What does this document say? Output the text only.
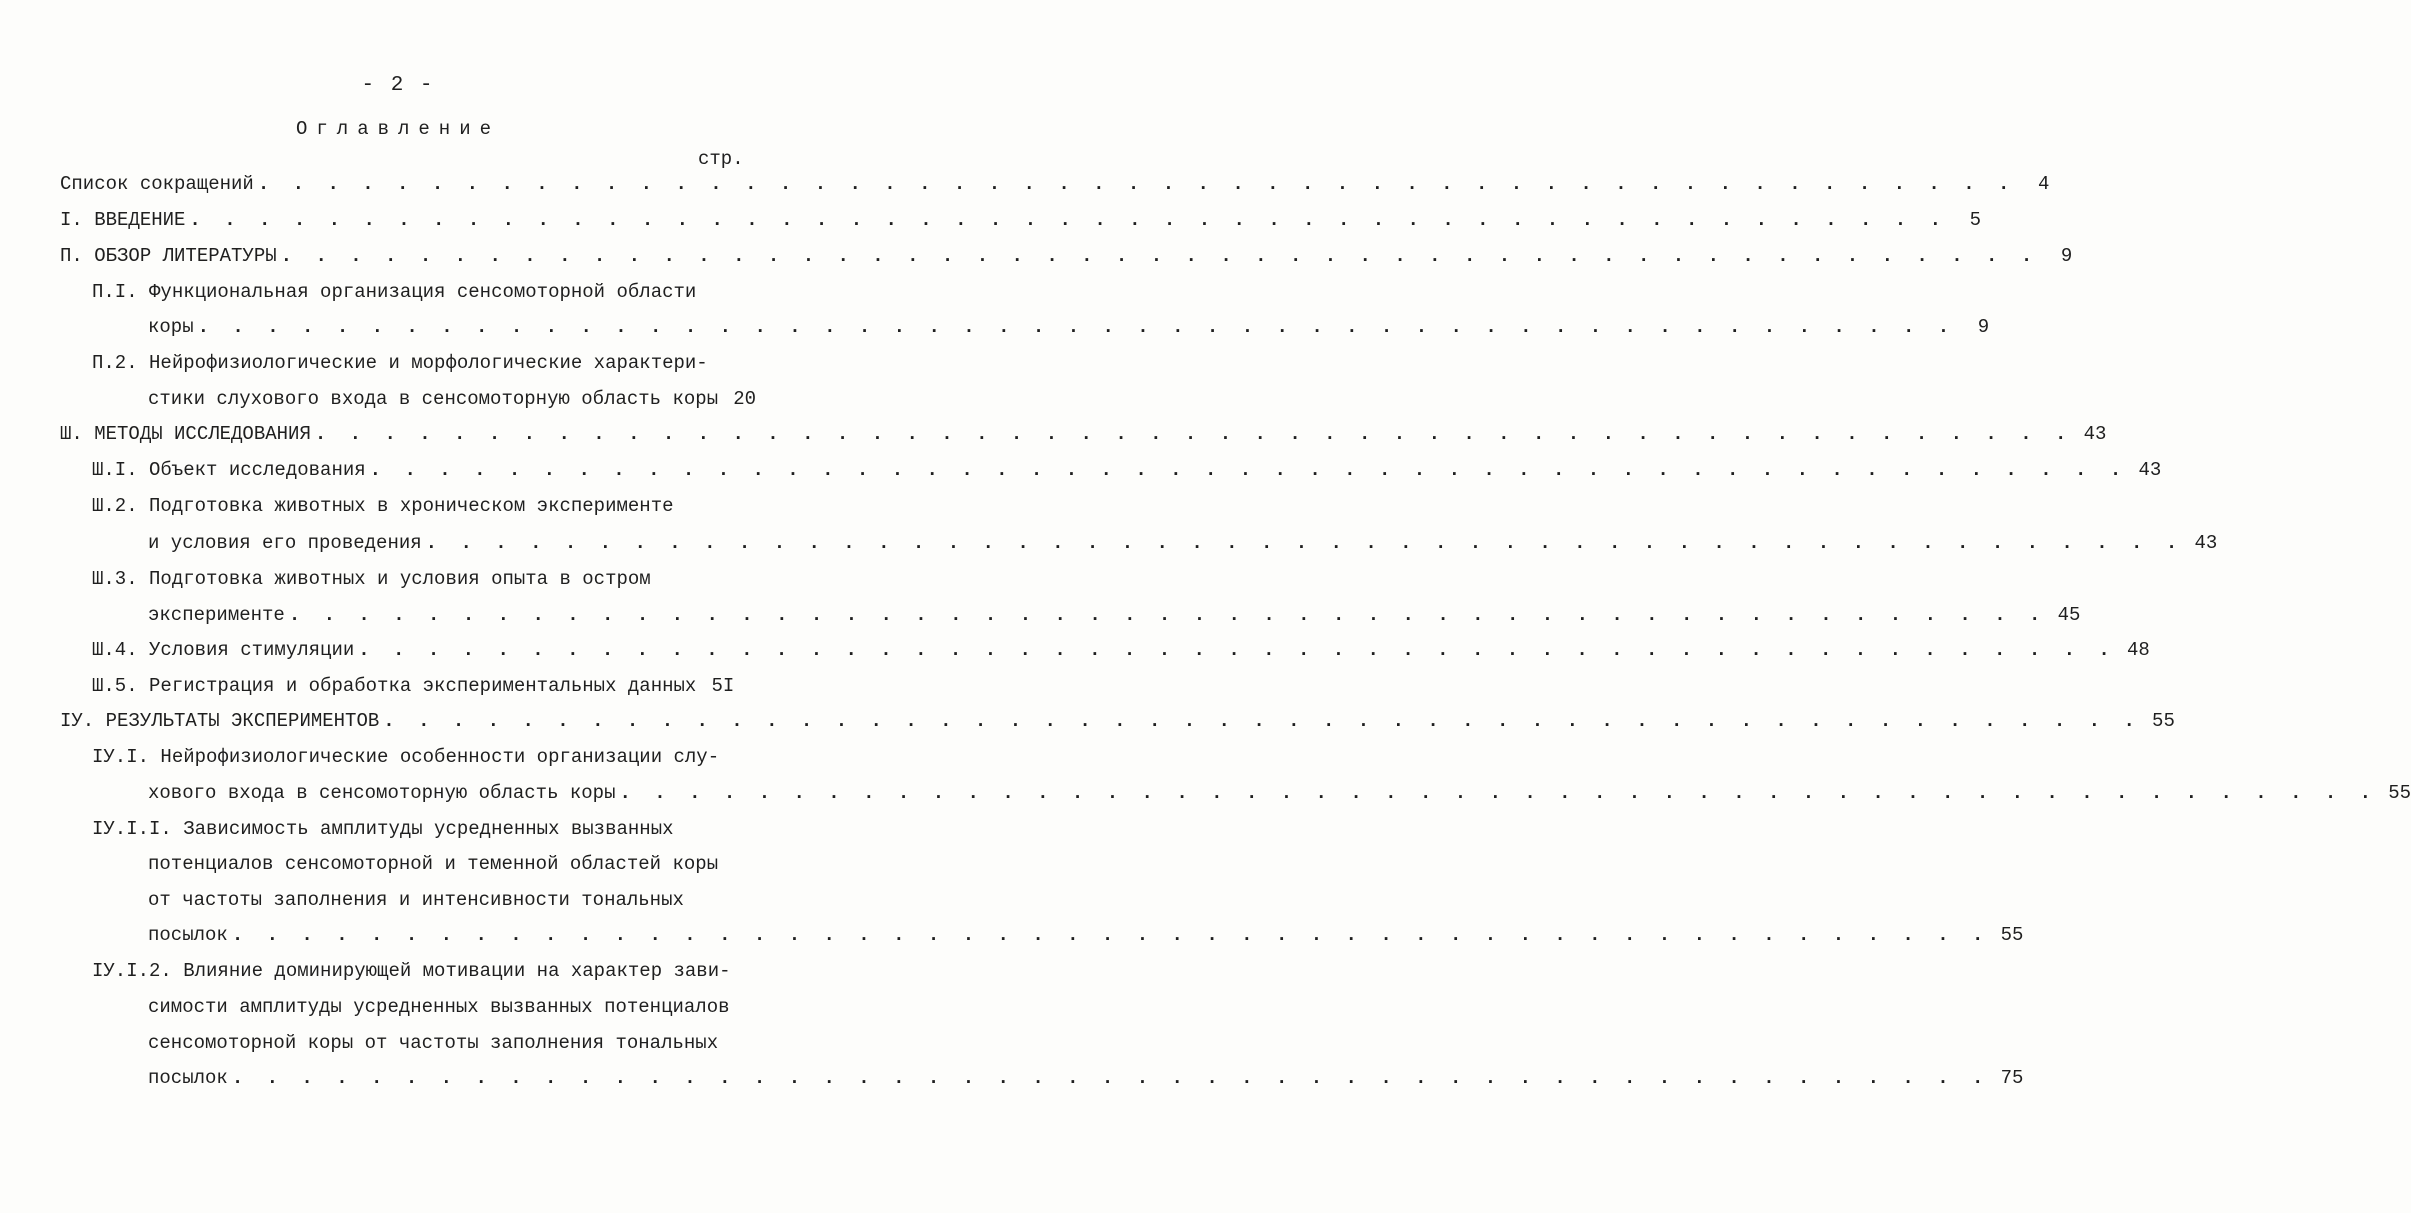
- 2 -
Оглавление
стр.
Список сокращений . . . . . . . . . . . . . . . . . . . . . . . . . . . . . . . . . . . . . . . . . . . . . . . . . . .	4
I. ВВЕДЕНИЕ . . . . . . . . . . . . . . . . . . . . . . . . . . . . . . . . . . . . . . . . . . . . . . . . . . .	5
П. ОБЗОР ЛИТЕРАТУРЫ . . . . . . . . . . . . . . . . . . . . . . . . . . . . . . . . . . . . . . . . . . . . . . . . . . .	9
П.I. Функциональная организация сенсомоторной области
коры . . . . . . . . . . . . . . . . . . . . . . . . . . . . . . . . . . . . . . . . . . . . . . . . . . .	9
П.2. Нейрофизиологические и морфологические характери-
стики слухового входа в сенсомоторную область коры 20
Ш. МЕТОДЫ ИССЛЕДОВАНИЯ . . . . . . . . . . . . . . . . . . . . . . . . . . . . . . . . . . . . . . . . . . . . . . . . . . . 43
Ш.I. Объект исследования . . . . . . . . . . . . . . . . . . . . . . . . . . . . . . . . . . . . . . . . . . . . . . . . . . . 43
Ш.2. Подготовка животных в хроническом эксперименте
и условия его проведения . . . . . . . . . . . . . . . . . . . . . . . . . . . . . . . . . . . . . . . . . . . . . . . . . . . 43
Ш.3. Подготовка животных и условия опыта в остром
эксперименте . . . . . . . . . . . . . . . . . . . . . . . . . . . . . . . . . . . . . . . . . . . . . . . . . . . 45
Ш.4. Условия стимуляции . . . . . . . . . . . . . . . . . . . . . . . . . . . . . . . . . . . . . . . . . . . . . . . . . . . 48
Ш.5. Регистрация и обработка экспериментальных данных 5I
IУ. РЕЗУЛЬТАТЫ ЭКСПЕРИМЕНТОВ . . . . . . . . . . . . . . . . . . . . . . . . . . . . . . . . . . . . . . . . . . . . . . . . . . . 55
IУ.I. Нейрофизиологические особенности организации слу-
хового входа в сенсомоторную область коры . . . . . . . . . . . . . . . . . . . . . . . . . . . . . . . . . . . . . . . . . . . . . . . . . . . 55
IУ.I.I. Зависимость амплитуды усредненных вызванных
потенциалов сенсомоторной и теменной областей коры
от частоты заполнения и интенсивности тональных
посылок . . . . . . . . . . . . . . . . . . . . . . . . . . . . . . . . . . . . . . . . . . . . . . . . . . . 55
IУ.I.2. Влияние доминирующей мотивации на характер зави-
симости амплитуды усредненных вызванных потенциалов
сенсомоторной коры от частоты заполнения тональных
посылок . . . . . . . . . . . . . . . . . . . . . . . . . . . . . . . . . . . . . . . . . . . . . . . . . . . 75
